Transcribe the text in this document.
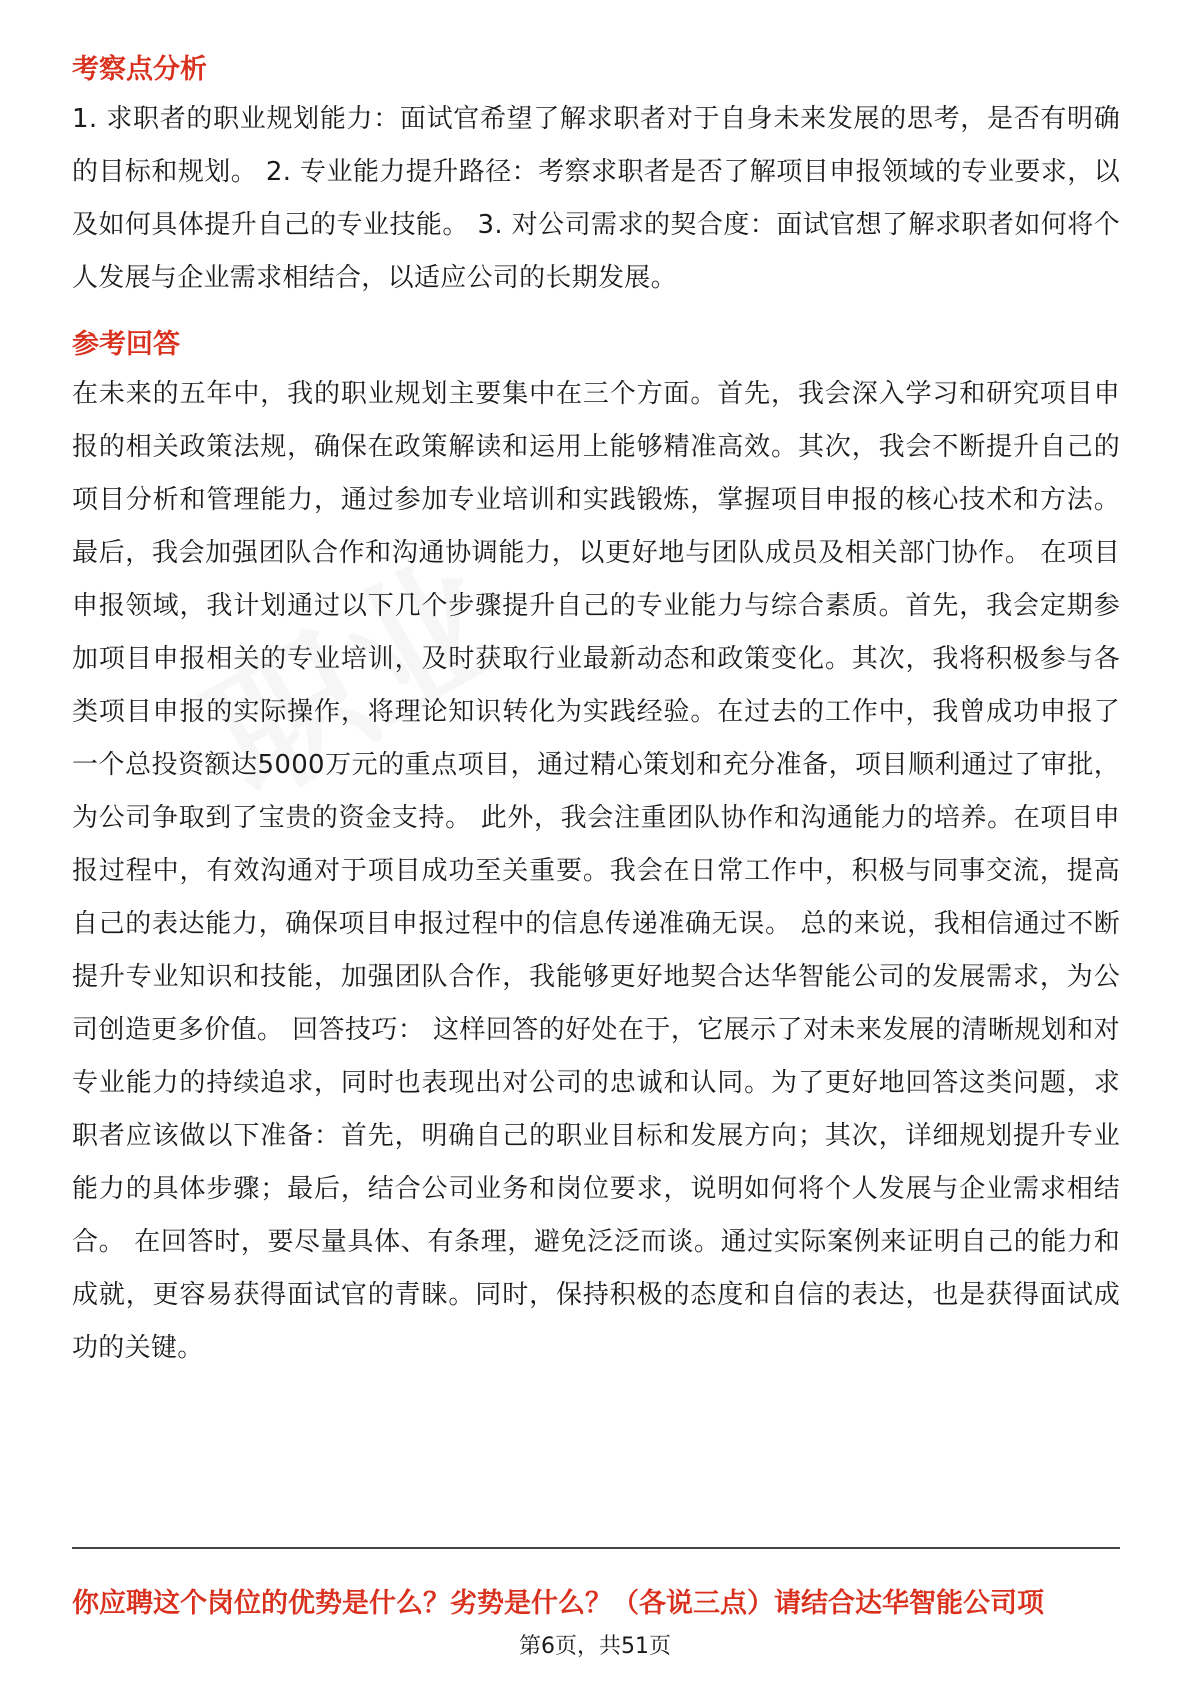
考察点分析

1. 求职者的职业规划能力：面试官希望了解求职者对于自身未来发展的思考，是否有明确的目标和规划。 2. 专业能力提升路径：考察求职者是否了解项目申报领域的专业要求，以及如何具体提升自己的专业技能。 3. 对公司需求的契合度：面试官想了解求职者如何将个人发展与企业需求相结合，以适应公司的长期发展。

参考回答

在未来的五年中，我的职业规划主要集中在三个方面。首先，我会深入学习和研究项目申报的相关政策法规，确保在政策解读和运用上能够精准高效。其次，我会不断提升自己的项目分析和管理能力，通过参加专业培训和实践锻炼，掌握项目申报的核心技术和方法。最后，我会加强团队合作和沟通协调能力，以更好地与团队成员及相关部门协作。 在项目申报领域，我计划通过以下几个步骤提升自己的专业能力与综合素质。首先，我会定期参加项目申报相关的专业培训，及时获取行业最新动态和政策变化。其次，我将积极参与各类项目申报的实际操作，将理论知识转化为实践经验。在过去的工作中，我曾成功申报了一个总投资额达5000万元的重点项目，通过精心策划和充分准备，项目顺利通过了审批，为公司争取到了宝贵的资金支持。 此外，我会注重团队协作和沟通能力的培养。在项目申报过程中，有效沟通对于项目成功至关重要。我会在日常工作中，积极与同事交流，提高自己的表达能力，确保项目申报过程中的信息传递准确无误。 总的来说，我相信通过不断提升专业知识和技能，加强团队合作，我能够更好地契合达华智能公司的发展需求，为公司创造更多价值。 回答技巧： 这样回答的好处在于，它展示了对未来发展的清晰规划和对专业能力的持续追求，同时也表现出对公司的忠诚和认同。为了更好地回答这类问题，求职者应该做以下准备：首先，明确自己的职业目标和发展方向；其次，详细规划提升专业能力的具体步骤；最后，结合公司业务和岗位要求，说明如何将个人发展与企业需求相结合。 在回答时，要尽量具体、有条理，避免泛泛而谈。通过实际案例来证明自己的能力和成就，更容易获得面试官的青睐。同时，保持积极的态度和自信的表达，也是获得面试成功的关键。

你应聘这个岗位的优势是什么？劣势是什么？（各说三点）请结合达华智能公司项
第6页，共51页
